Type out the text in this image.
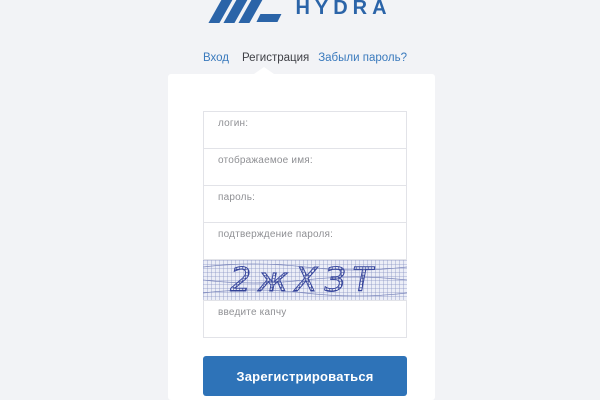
HYDRA
Вход Регистрация Забыли пароль?
логин:
отображаемое имя:
пароль:
подтверждение пароля:
2жХЗТ
введите капчу
Зарегистрироваться
